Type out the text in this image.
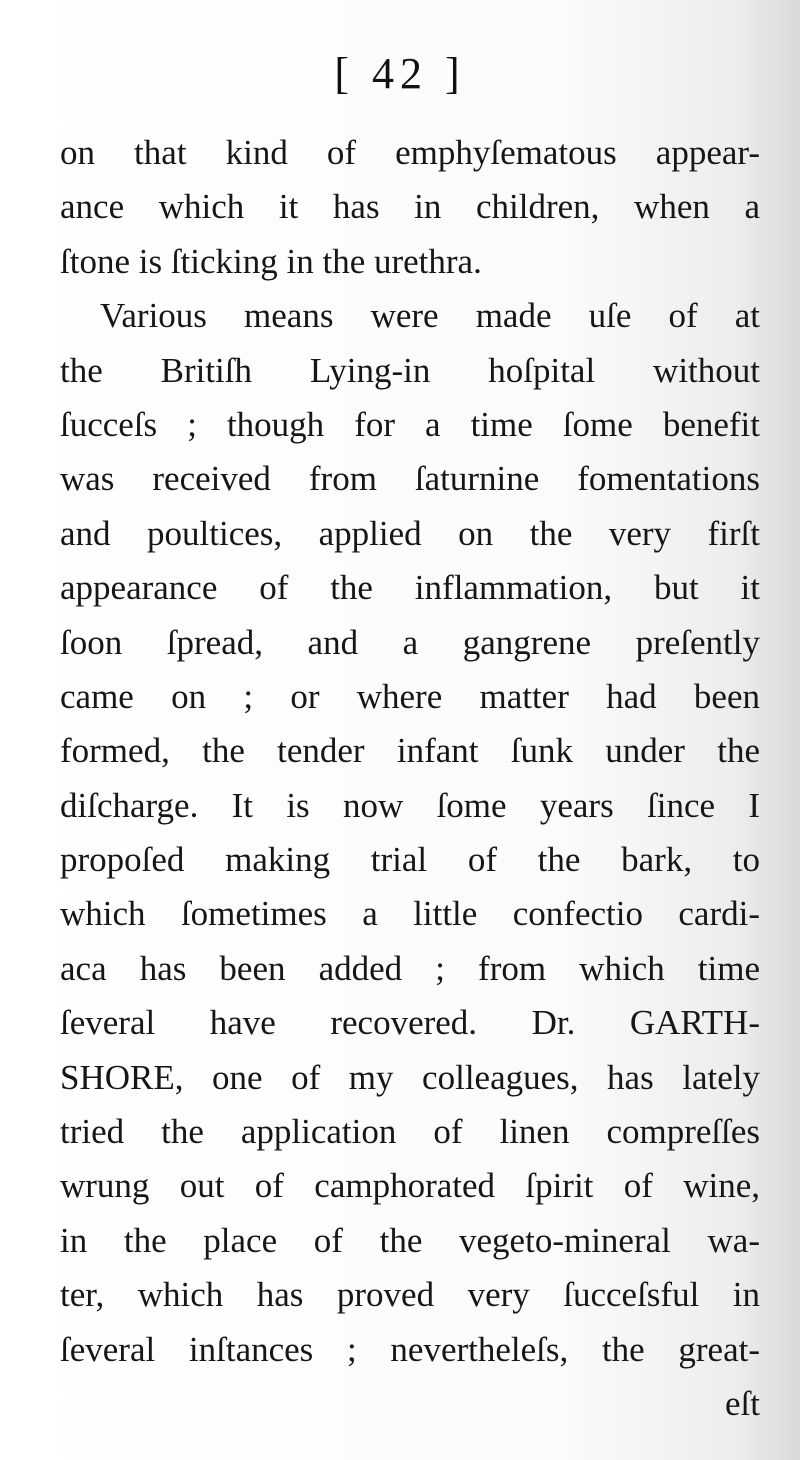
[ 42 ]
on that kind of emphyſematous appear-
ance which it has in children, when a
ſtone is ſticking in the urethra.
Various means were made uſe of at
the Britiſh Lying-in hoſpital without
ſucceſs ; though for a time ſome benefit
was received from ſaturnine fomentations
and poultices, applied on the very firſt
appearance of the inflammation, but it
ſoon ſpread, and a gangrene preſently
came on ; or where matter had been
formed, the tender infant ſunk under the
diſcharge. It is now ſome years ſince I
propoſed making trial of the bark, to
which ſometimes a little confectio cardi-
aca has been added ; from which time
ſeveral have recovered. Dr. GARTH-
SHORE, one of my colleagues, has lately
tried the application of linen compreſſes
wrung out of camphorated ſpirit of wine,
in the place of the vegeto-mineral wa-
ter, which has proved very ſucceſsful in
ſeveral inſtances ; nevertheleſs, the great-
eſt
